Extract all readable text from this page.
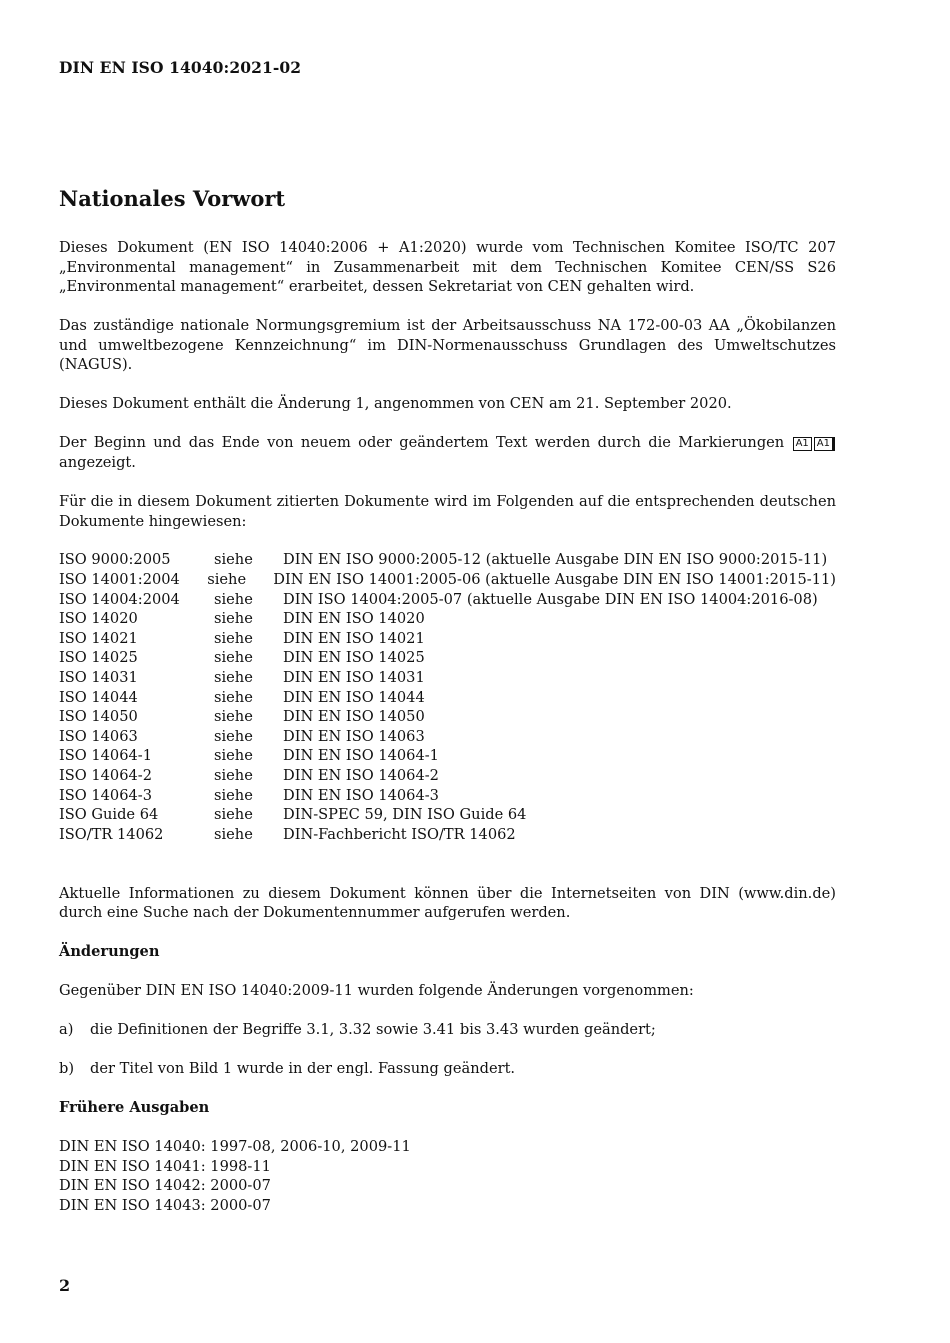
DIN EN ISO 14040:2021-02
Nationales Vorwort

Dieses Dokument (EN ISO 14040:2006 + A1:2020) wurde vom Technischen Komitee ISO/TC 207 „Environmental management“ in Zusammenarbeit mit dem Technischen Komitee CEN/SS S26 „Environmental management“ erarbeitet, dessen Sekretariat von CEN gehalten wird.

Das zuständige nationale Normungsgremium ist der Arbeitsausschuss NA 172-00-03 AA „Ökobilanzen und umweltbezogene Kennzeichnung“ im DIN-Normenausschuss Grundlagen des Umweltschutzes (NAGUS).

Dieses Dokument enthält die Änderung 1, angenommen von CEN am 21. September 2020.

Der Beginn und das Ende von neuem oder geändertem Text werden durch die Markierungen A1 A1 angezeigt.

Für die in diesem Dokument zitierten Dokumente wird im Folgenden auf die entsprechenden deutschen Dokumente hingewiesen:

ISO 9000:2005	siehe	DIN EN ISO 9000:2005-12 (aktuelle Ausgabe DIN EN ISO 9000:2015-11)
ISO 14001:2004	siehe	DIN EN ISO 14001:2005-06 (aktuelle Ausgabe DIN EN ISO 14001:2015-11)
ISO 14004:2004	siehe	DIN ISO 14004:2005-07 (aktuelle Ausgabe DIN EN ISO 14004:2016-08)
ISO 14020	siehe	DIN EN ISO 14020
ISO 14021	siehe	DIN EN ISO 14021
ISO 14025	siehe	DIN EN ISO 14025
ISO 14031	siehe	DIN EN ISO 14031
ISO 14044	siehe	DIN EN ISO 14044
ISO 14050	siehe	DIN EN ISO 14050
ISO 14063	siehe	DIN EN ISO 14063
ISO 14064-1	siehe	DIN EN ISO 14064-1
ISO 14064-2	siehe	DIN EN ISO 14064-2
ISO 14064-3	siehe	DIN EN ISO 14064-3
ISO Guide 64	siehe	DIN-SPEC 59, DIN ISO Guide 64
ISO/TR 14062	siehe	DIN-Fachbericht ISO/TR 14062

Aktuelle Informationen zu diesem Dokument können über die Internetseiten von DIN (www.din.de) durch eine Suche nach der Dokumentennummer aufgerufen werden.

Änderungen

Gegenüber DIN EN ISO 14040:2009-11 wurden folgende Änderungen vorgenommen:

a)	die Definitionen der Begriffe 3.1, 3.32 sowie 3.41 bis 3.43 wurden geändert;
b)	der Titel von Bild 1 wurde in der engl. Fassung geändert.

Frühere Ausgaben

DIN EN ISO 14040: 1997-08, 2006-10, 2009-11
DIN EN ISO 14041: 1998-11
DIN EN ISO 14042: 2000-07
DIN EN ISO 14043: 2000-07
2
